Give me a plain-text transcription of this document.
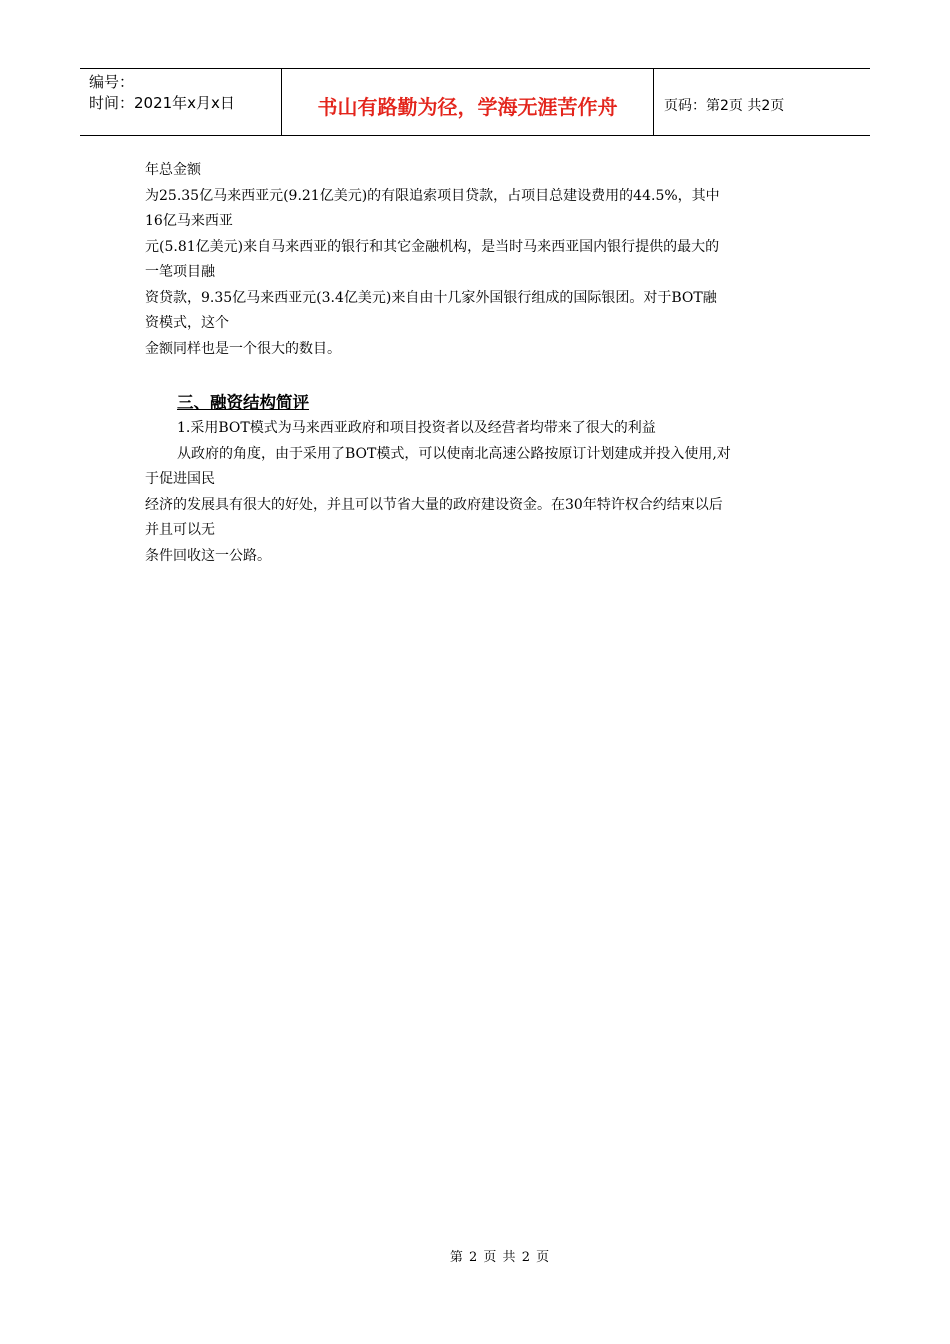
编号：
时间：2021年x月x日	书山有路勤为径，学海无涯苦作舟	页码：第2页 共2页
年总金额
为25.35亿马来西亚元(9.21亿美元)的有限追索项目贷款，占项目总建设费用的44.5%，其中
16亿马来西亚
元(5.81亿美元)来自马来西亚的银行和其它金融机构，是当时马来西亚国内银行提供的最大的
一笔项目融
资贷款，9.35亿马来西亚元(3.4亿美元)来自由十几家外国银行组成的国际银团。对于BOT融
资模式，这个
金额同样也是一个很大的数目。
三、融资结构简评
1.采用BOT模式为马来西亚政府和项目投资者以及经营者均带来了很大的利益
从政府的角度，由于采用了BOT模式，可以使南北高速公路按原订计划建成并投入使用,对
于促进国民
经济的发展具有很大的好处，并且可以节省大量的政府建设资金。在30年特许权合约结束以后
并且可以无
条件回收这一公路。
第 2 页 共 2 页
